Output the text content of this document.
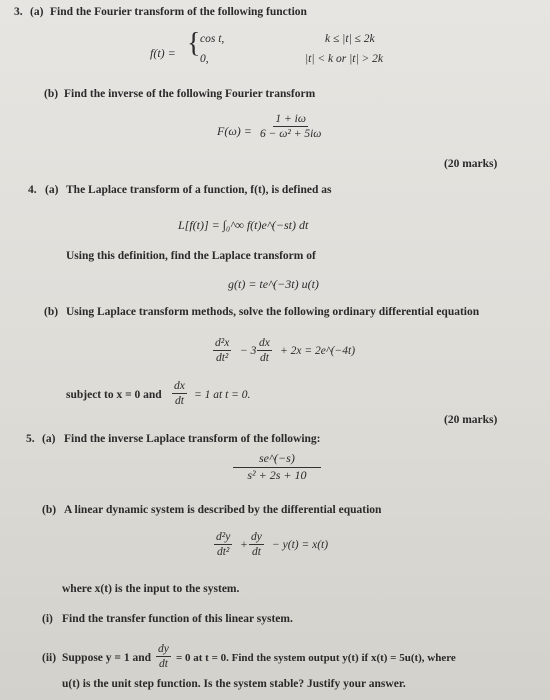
3. (a) Find the Fourier transform of the following function
f(t) = { cos t,	k ≤ |t| ≤ 2k
0,	|t| < k or |t| > 2k
(b) Find the inverse of the following Fourier transform
$F(\omega) = \frac{1 + i\omega}{\text{6 − ω² + 5iω}}$
(20 marks)
4. (a) The Laplace transform of a function, f(t), is defined as
L[f(t)] = ∫₀^∞ f(t)e^(−st) dt
Using this definition, find the Laplace transform of
g(t) = te^(−3t) u(t)
(b) Using Laplace transform methods, solve the following ordinary differential equation
$\frac{\text{d²x}}{\text{dt²}} - 3 \frac{dx}{dt} + 2x$ = 2e^(−4t)
subject to x = 0 and $\frac{dx}{dt} = 1$ at t = 0.
(20 marks)
5. (a) Find the inverse Laplace transform of the following:
$\frac{se\^{}(-s)}{\text{s² + 2s + 10}}$
(b) A linear dynamic system is described by the differential equation
$\frac{\text{d²y}}{\text{dt²}} + \frac{dy}{dt} - y(t) = x(t)$
where x(t) is the input to the system.
(i) Find the transfer function of this linear system.
(ii) Suppose y = 1 and $\frac{dy}{dt} = 0$ at t = 0. Find the system output y(t) if x(t) = 5u(t), where
u(t) is the unit step function. Is the system stable? Justify your answer.
